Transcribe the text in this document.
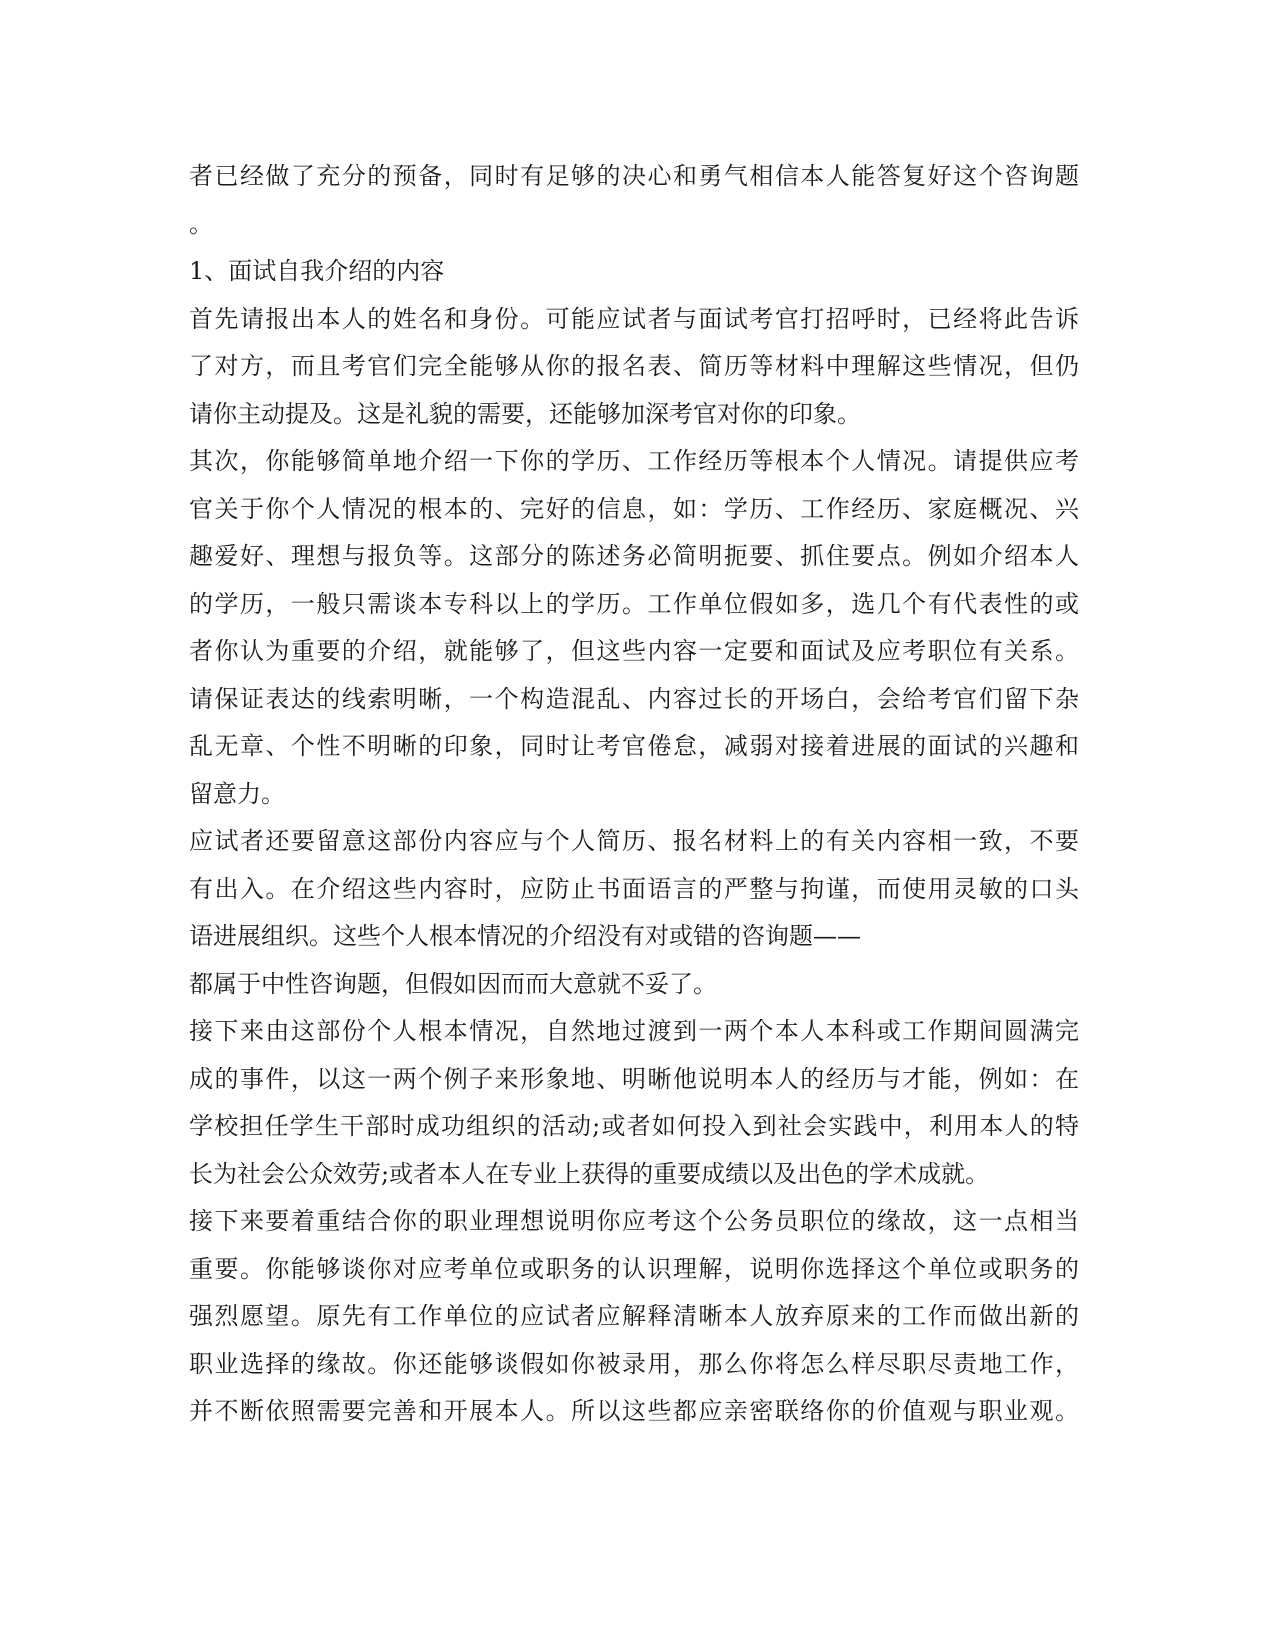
者已经做了充分的预备，同时有足够的决心和勇气相信本人能答复好这个咨询题
。
1、面试自我介绍的内容
首先请报出本人的姓名和身份。可能应试者与面试考官打招呼时，已经将此告诉
了对方，而且考官们完全能够从你的报名表、简历等材料中理解这些情况，但仍
请你主动提及。这是礼貌的需要，还能够加深考官对你的印象。
其次，你能够简单地介绍一下你的学历、工作经历等根本个人情况。请提供应考
官关于你个人情况的根本的、完好的信息，如：学历、工作经历、家庭概况、兴
趣爱好、理想与报负等。这部分的陈述务必简明扼要、抓住要点。例如介绍本人
的学历，一般只需谈本专科以上的学历。工作单位假如多，选几个有代表性的或
者你认为重要的介绍，就能够了，但这些内容一定要和面试及应考职位有关系。
请保证表达的线索明晰，一个构造混乱、内容过长的开场白，会给考官们留下杂
乱无章、个性不明晰的印象，同时让考官倦怠，减弱对接着进展的面试的兴趣和
留意力。
应试者还要留意这部份内容应与个人简历、报名材料上的有关内容相一致，不要
有出入。在介绍这些内容时，应防止书面语言的严整与拘谨，而使用灵敏的口头
语进展组织。这些个人根本情况的介绍没有对或错的咨询题——
都属于中性咨询题，但假如因而而大意就不妥了。
接下来由这部份个人根本情况，自然地过渡到一两个本人本科或工作期间圆满完
成的事件，以这一两个例子来形象地、明晰他说明本人的经历与才能，例如：在
学校担任学生干部时成功组织的活动;或者如何投入到社会实践中，利用本人的特
长为社会公众效劳;或者本人在专业上获得的重要成绩以及出色的学术成就。
接下来要着重结合你的职业理想说明你应考这个公务员职位的缘故，这一点相当
重要。你能够谈你对应考单位或职务的认识理解，说明你选择这个单位或职务的
强烈愿望。原先有工作单位的应试者应解释清晰本人放弃原来的工作而做出新的
职业选择的缘故。你还能够谈假如你被录用，那么你将怎么样尽职尽责地工作，
并不断依照需要完善和开展本人。所以这些都应亲密联络你的价值观与职业观。
